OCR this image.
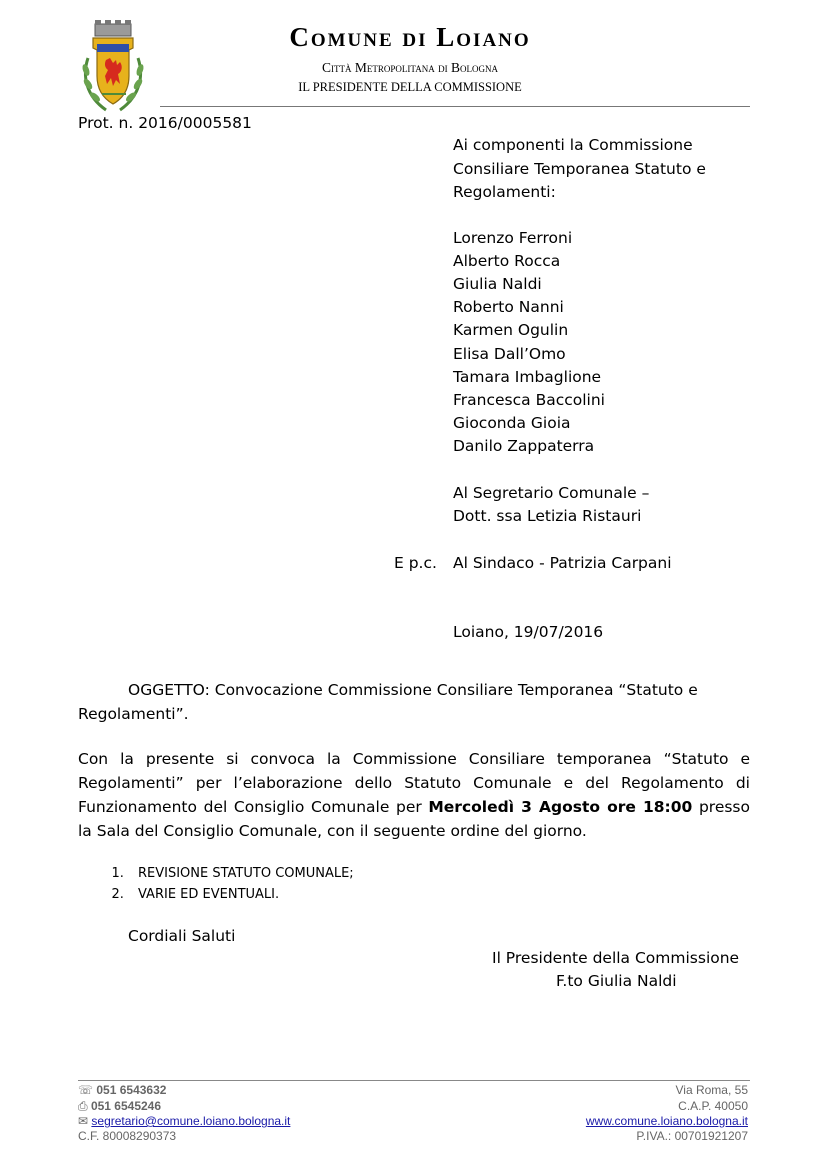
Comune di Loiano
Città Metropolitana di Bologna
IL PRESIDENTE DELLA COMMISSIONE
Prot. n. 2016/0005581
Ai componenti la Commissione
Consiliare Temporanea Statuto e
Regolamenti:
Lorenzo Ferroni
Alberto Rocca
Giulia Naldi
Roberto Nanni
Karmen Ogulin
Elisa Dall’Omo
Tamara Imbaglione
Francesca Baccolini
Gioconda Gioia
Danilo Zappaterra
Al Segretario Comunale –
Dott. ssa Letizia Ristauri
E p.c. Al Sindaco - Patrizia Carpani
Loiano, 19/07/2016
OGGETTO: Convocazione Commissione Consiliare Temporanea “Statuto e Regolamenti”.
Con la presente si convoca la Commissione Consiliare temporanea “Statuto e Regolamenti” per l’elaborazione dello Statuto Comunale e del Regolamento di Funzionamento del Consiglio Comunale per Mercoledì 3 Agosto ore 18:00 presso la Sala del Consiglio Comunale, con il seguente ordine del giorno.
1. REVISIONE STATUTO COMUNALE;
2. VARIE ED EVENTUALI.
Cordiali Saluti
Il Presidente della Commissione
F.to Giulia Naldi
☏ 051 6543632
⎙ 051 6545246
✉ segretario@comune.loiano.bologna.it
C.F. 80008290373
Via Roma, 55
C.A.P. 40050
www.comune.loiano.bologna.it
P.IVA.: 00701921207
